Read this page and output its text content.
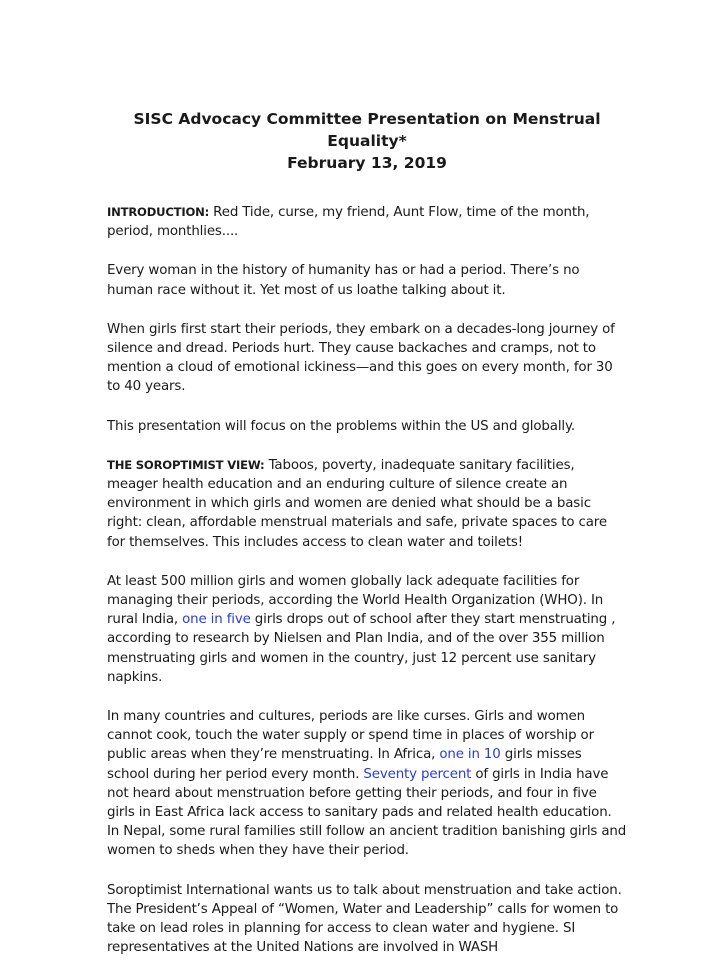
SISC Advocacy Committee Presentation on Menstrual Equality*
February 13, 2019

INTRODUCTION: Red Tide, curse, my friend, Aunt Flow, time of the month, period, monthlies....

Every woman in the history of humanity has or had a period. There’s no human race without it. Yet most of us loathe talking about it.

When girls first start their periods, they embark on a decades-long journey of silence and dread. Periods hurt. They cause backaches and cramps, not to mention a cloud of emotional ickiness—and this goes on every month, for 30 to 40 years.

This presentation will focus on the problems within the US and globally.

THE SOROPTIMIST VIEW: Taboos, poverty, inadequate sanitary facilities, meager health education and an enduring culture of silence create an environment in which girls and women are denied what should be a basic right: clean, affordable menstrual materials and safe, private spaces to care for themselves. This includes access to clean water and toilets!

At least 500 million girls and women globally lack adequate facilities for managing their periods, according the World Health Organization (WHO). In rural India, one in five girls drops out of school after they start menstruating , according to research by Nielsen and Plan India, and of the over 355 million menstruating girls and women in the country, just 12 percent use sanitary napkins.

In many countries and cultures, periods are like curses. Girls and women cannot cook, touch the water supply or spend time in places of worship or public areas when they’re menstruating. In Africa, one in 10 girls misses school during her period every month. Seventy percent of girls in India have not heard about menstruation before getting their periods, and four in five girls in East Africa lack access to sanitary pads and related health education. In Nepal, some rural families still follow an ancient tradition banishing girls and women to sheds when they have their period.

Soroptimist International wants us to talk about menstruation and take action. The President’s Appeal of “Women, Water and Leadership” calls for women to take on lead roles in planning for access to clean water and hygiene. SI representatives at the United Nations are involved in WASH
